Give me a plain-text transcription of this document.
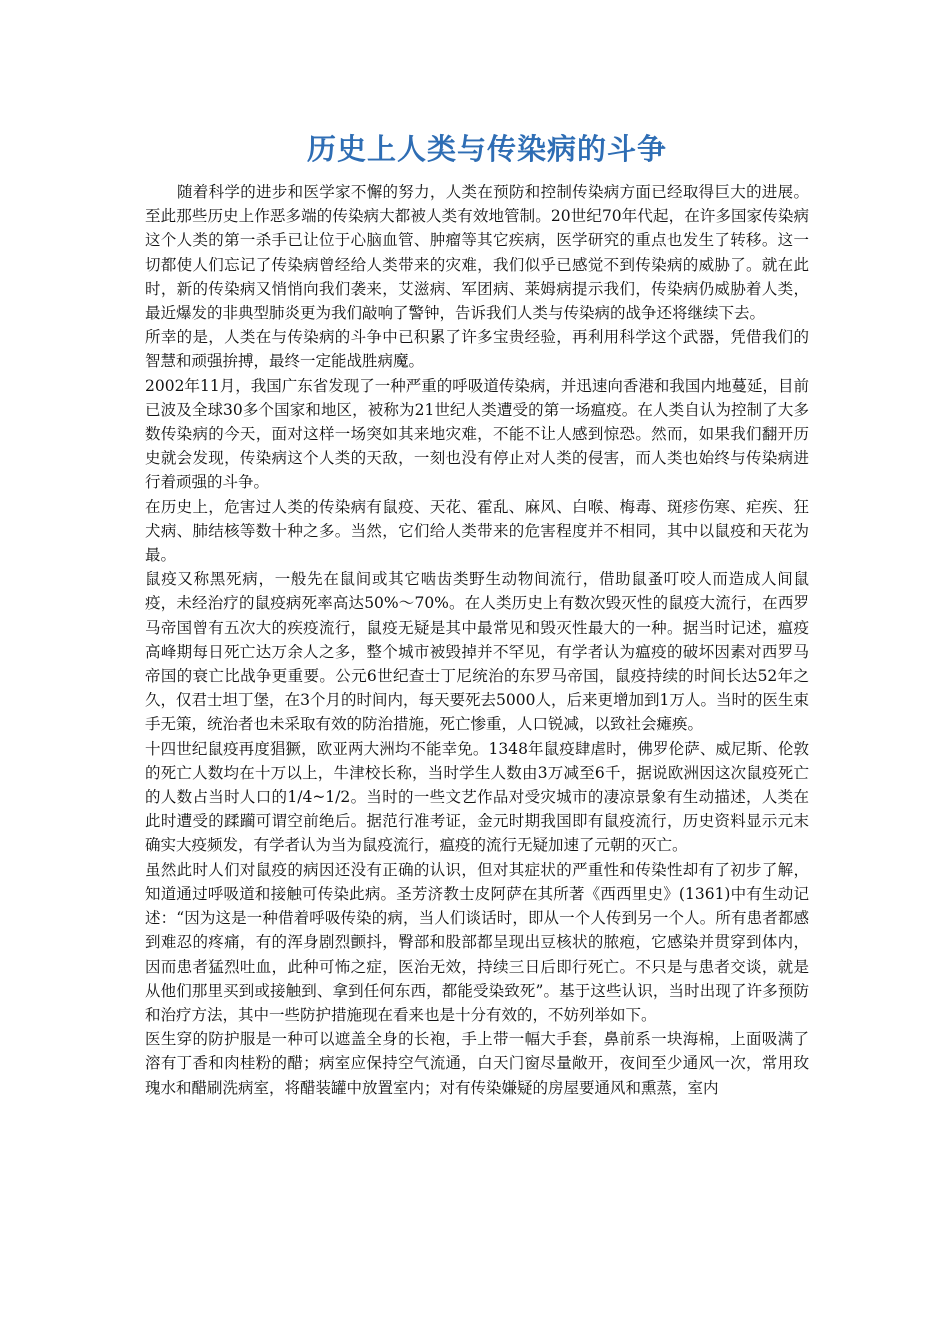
历史上人类与传染病的斗争

随着科学的进步和医学家不懈的努力，人类在预防和控制传染病方面已经取得巨大的进展。至此那些历史上作恶多端的传染病大都被人类有效地管制。20世纪70年代起，在许多国家传染病这个人类的第一杀手已让位于心脑血管、肿瘤等其它疾病，医学研究的重点也发生了转移。这一切都使人们忘记了传染病曾经给人类带来的灾难，我们似乎已感觉不到传染病的威胁了。就在此时，新的传染病又悄悄向我们袭来，艾滋病、军团病、莱姆病提示我们，传染病仍威胁着人类，最近爆发的非典型肺炎更为我们敲响了警钟，告诉我们人类与传染病的战争还将继续下去。

所幸的是，人类在与传染病的斗争中已积累了许多宝贵经验，再利用科学这个武器，凭借我们的智慧和顽强拚搏，最终一定能战胜病魔。

2002年11月，我国广东省发现了一种严重的呼吸道传染病，并迅速向香港和我国内地蔓延，目前已波及全球30多个国家和地区，被称为21世纪人类遭受的第一场瘟疫。在人类自认为控制了大多数传染病的今天，面对这样一场突如其来地灾难，不能不让人感到惊恐。然而，如果我们翻开历史就会发现，传染病这个人类的天敌，一刻也没有停止对人类的侵害，而人类也始终与传染病进行着顽强的斗争。

在历史上，危害过人类的传染病有鼠疫、天花、霍乱、麻风、白喉、梅毒、斑疹伤寒、疟疾、狂犬病、肺结核等数十种之多。当然，它们给人类带来的危害程度并不相同，其中以鼠疫和天花为最。

鼠疫又称黑死病，一般先在鼠间或其它啮齿类野生动物间流行，借助鼠蚤叮咬人而造成人间鼠疫，未经治疗的鼠疫病死率高达50%～70%。在人类历史上有数次毁灭性的鼠疫大流行，在西罗马帝国曾有五次大的疾疫流行，鼠疫无疑是其中最常见和毁灭性最大的一种。据当时记述，瘟疫高峰期每日死亡达万余人之多，整个城市被毁掉并不罕见，有学者认为瘟疫的破坏因素对西罗马帝国的衰亡比战争更重要。公元6世纪查士丁尼统治的东罗马帝国，鼠疫持续的时间长达52年之久，仅君士坦丁堡，在3个月的时间内，每天要死去5000人，后来更增加到1万人。当时的医生束手无策，统治者也未采取有效的防治措施，死亡惨重，人口锐减，以致社会瘫痪。

十四世纪鼠疫再度猖獗，欧亚两大洲均不能幸免。1348年鼠疫肆虐时，佛罗伦萨、威尼斯、伦敦的死亡人数均在十万以上，牛津校长称，当时学生人数由3万减至6千，据说欧洲因这次鼠疫死亡的人数占当时人口的1/4~1/2。当时的一些文艺作品对受灾城市的凄凉景象有生动描述，人类在此时遭受的蹂躏可谓空前绝后。据范行准考证，金元时期我国即有鼠疫流行，历史资料显示元末确实大疫频发，有学者认为当为鼠疫流行，瘟疫的流行无疑加速了元朝的灭亡。

虽然此时人们对鼠疫的病因还没有正确的认识，但对其症状的严重性和传染性却有了初步了解，知道通过呼吸道和接触可传染此病。圣芳济教士皮阿萨在其所著《西西里史》(1361)中有生动记述：“因为这是一种借着呼吸传染的病，当人们谈话时，即从一个人传到另一个人。所有患者都感到难忍的疼痛，有的浑身剧烈颤抖，臀部和股部都呈现出豆核状的脓疱，它感染并贯穿到体内，因而患者猛烈吐血，此种可怖之症，医治无效，持续三日后即行死亡。不只是与患者交谈，就是从他们那里买到或接触到、拿到任何东西，都能受染致死”。基于这些认识，当时出现了许多预防和治疗方法，其中一些防护措施现在看来也是十分有效的，不妨列举如下。

医生穿的防护服是一种可以遮盖全身的长袍，手上带一幅大手套，鼻前系一块海棉，上面吸满了溶有丁香和肉桂粉的醋；病室应保持空气流通，白天门窗尽量敞开，夜间至少通风一次，常用玫瑰水和醋刷洗病室，将醋装罐中放置室内；对有传染嫌疑的房屋要通风和熏蒸，室内
